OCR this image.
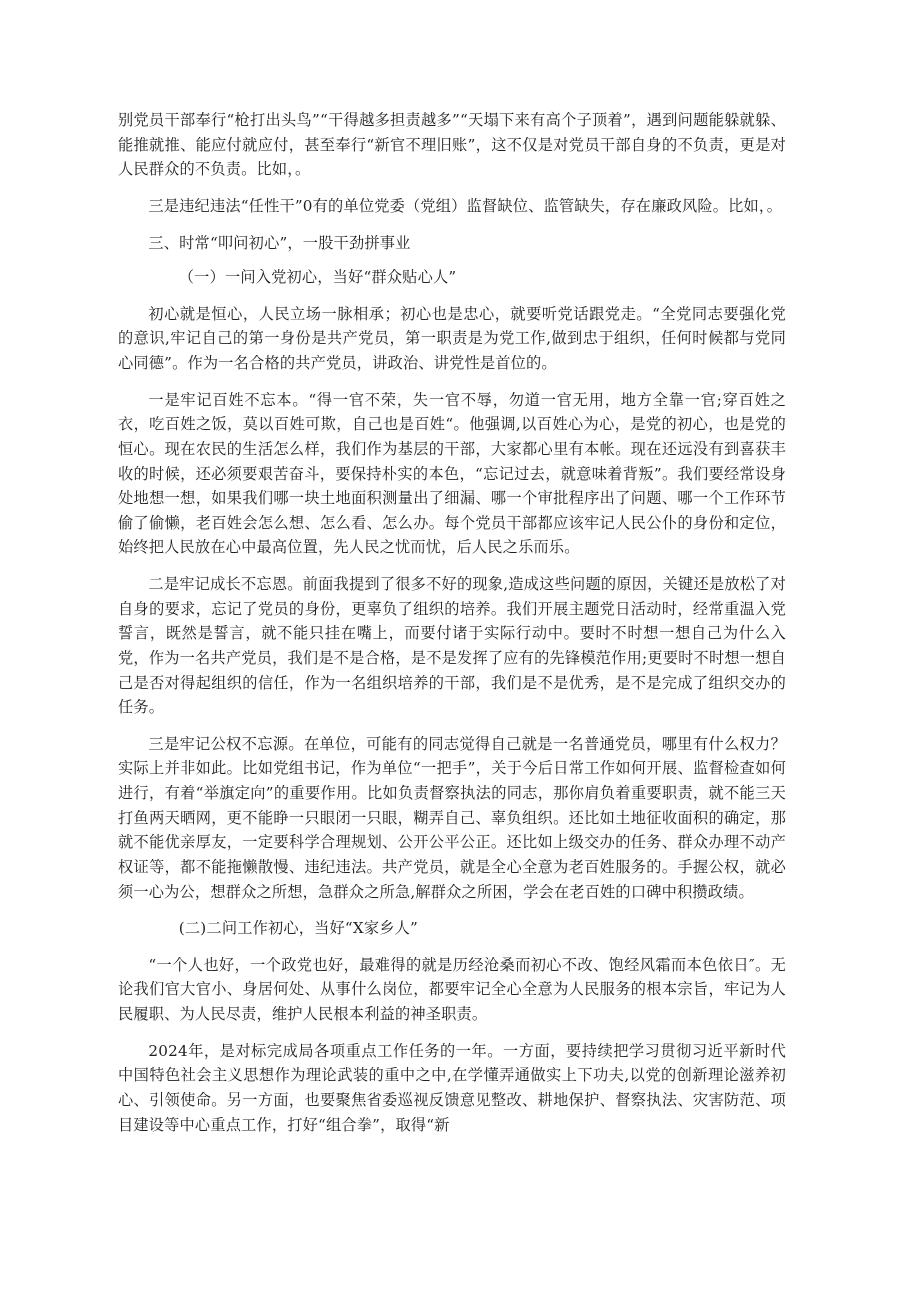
别党员干部奉行“枪打出头鸟”“干得越多担责越多”“天塌下来有高个子顶着”，遇到问题能躲就躲、能推就推、能应付就应付，甚至奉行“新官不理旧账”，这不仅是对党员干部自身的不负责，更是对人民群众的不负责。比如，。

三是违纪违法“任性干”0有的单位党委（党组）监督缺位、监管缺失，存在廉政风险。比如，。

三、时常“叩问初心”，一股干劲拼事业

（一）一问入党初心，当好“群众贴心人”

初心就是恒心，人民立场一脉相承；初心也是忠心，就要听党话跟党走。“全党同志要强化党的意识,牢记自己的第一身份是共产党员，第一职责是为党工作,做到忠于组织，任何时候都与党同心同德”。作为一名合格的共产党员，讲政治、讲党性是首位的。

一是牢记百姓不忘本。“得一官不荣，失一官不辱，勿道一官无用，地方全靠一官;穿百姓之衣，吃百姓之饭，莫以百姓可欺，自己也是百姓“。他强调,以百姓心为心，是党的初心，也是党的恒心。现在农民的生活怎么样，我们作为基层的干部，大家都心里有本帐。现在还远没有到喜获丰收的时候，还必须要艰苦奋斗，要保持朴实的本色，“忘记过去，就意味着背叛”。我们要经常设身处地想一想，如果我们哪一块土地面积测量出了细漏、哪一个审批程序出了问题、哪一个工作环节偷了偷懒，老百姓会怎么想、怎么看、怎么办。每个党员干部都应该牢记人民公仆的身份和定位，始终把人民放在心中最高位置，先人民之忧而忧，后人民之乐而乐。

二是牢记成长不忘恩。前面我提到了很多不好的现象,造成这些问题的原因，关键还是放松了对自身的要求，忘记了党员的身份，更辜负了组织的培养。我们开展主题党日活动时，经常重温入党誓言，既然是誓言，就不能只挂在嘴上，而要付诸于实际行动中。要时不时想一想自己为什么入党，作为一名共产党员，我们是不是合格，是不是发挥了应有的先锋模范作用;更要时不时想一想自己是否对得起组织的信任，作为一名组织培养的干部，我们是不是优秀，是不是完成了组织交办的任务。

三是牢记公权不忘源。在单位，可能有的同志觉得自己就是一名普通党员，哪里有什么权力？实际上并非如此。比如党组书记，作为单位“一把手”，关于今后日常工作如何开展、监督检查如何进行，有着“举旗定向”的重要作用。比如负责督察执法的同志，那你肩负着重要职责，就不能三天打鱼两天晒网，更不能睁一只眼闭一只眼，糊弄自己、辜负组织。还比如土地征收面积的确定，那就不能优亲厚友，一定要科学合理规划、公开公平公正。还比如上级交办的任务、群众办理不动产权证等，都不能拖懒散慢、违纪违法。共产党员，就是全心全意为老百姓服务的。手握公权，就必须一心为公，想群众之所想，急群众之所急,解群众之所困，学会在老百姓的口碑中积攒政绩。

(二)二问工作初心，当好“X家乡人”

“一个人也好，一个政党也好，最难得的就是历经沧桑而初心不改、饱经风霜而本色依日″。无论我们官大官小、身居何处、从事什么岗位，都要牢记全心全意为人民服务的根本宗旨，牢记为人民履职、为人民尽责，维护人民根本利益的神圣职责。

2024年，是对标完成局各项重点工作任务的一年。一方面，要持续把学习贯彻习近平新时代中国特色社会主义思想作为理论武装的重中之中,在学懂弄通做实上下功夫,以党的创新理论滋养初心、引领使命。另一方面，也要聚焦省委巡视反馈意见整改、耕地保护、督察执法、灾害防范、项目建设等中心重点工作，打好“组合拳”，取得“新
